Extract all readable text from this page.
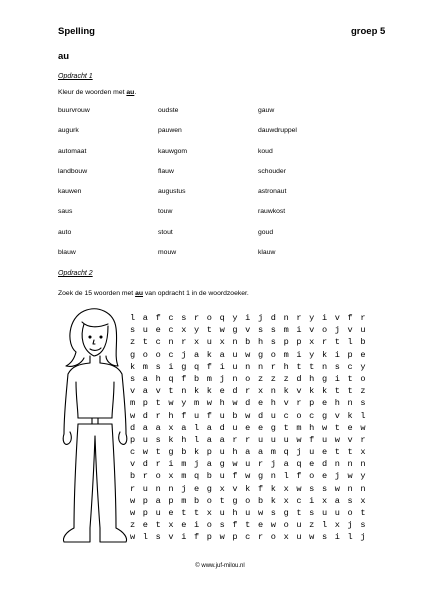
Spelling	groep 5
au
Opdracht 1
Kleur de woorden met au.
buurvrouw	oudste	gauw
augurk	pauwen	dauwdruppel
automaat	kauwgom	koud
landbouw	flauw	schouder
kauwen	augustus	astronaut
saus	touw	rauwkost
auto	stout	goud
blauw	mouw	klauw
Opdracht 2
Zoek de 15 woorden met au van opdracht 1 in de woordzoeker.
l a f c s r o q y i j d n r y i v f r
s u e c x y t w g v s s m i v o j v u
z t c n r x u x n b h s p p x r t l b
g o o c j a k a u w g o m i y k i p e
k m s i g q f i u n n r h t t n s c y
s a h q f b m j n o z z z d h g i t o
v a v t n k k e d r x n k v k k t t z
m p t w y m w h w d e h v r p e h n s
w d r h f u f u b w d u c o c g v k l
d a a x a l a d u e e g t m h w t e w
p u s k h l a a r r u u u w f u w v r
c w t g b k p u h a a m q j u e t t x
v d r i m j a g w u r j a q e d n n n
b r o x m q b u f w g n l f o e j w y
r u n n j e g x v k f k x w s s w n n
w p a p m b o t g o b k x c i x a s x
w p u e t t x u h u w s g t s u u o t
z e t x e i o s f t e w o u z l x j s
w l s v i f p w p c r o x u w s i l j
© www.juf-milou.nl
